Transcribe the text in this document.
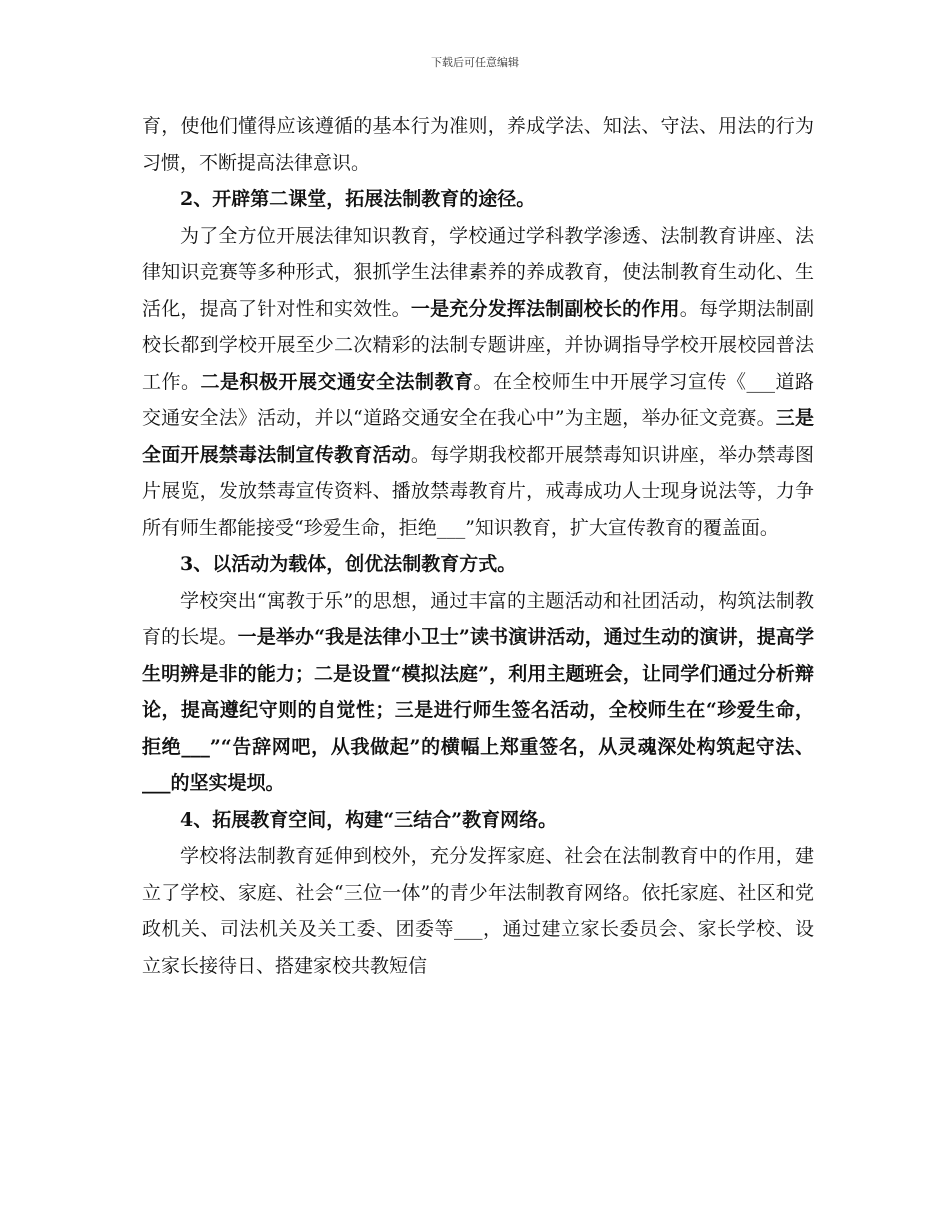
下载后可任意编辑

育，使他们懂得应该遵循的基本行为准则，养成学法、知法、守法、用法的行为习惯，不断提高法律意识。

2、开辟第二课堂，拓展法制教育的途径。

为了全方位开展法律知识教育，学校通过学科教学渗透、法制教育讲座、法律知识竞赛等多种形式，狠抓学生法律素养的养成教育，使法制教育生动化、生活化，提高了针对性和实效性。一是充分发挥法制副校长的作用。每学期法制副校长都到学校开展至少二次精彩的法制专题讲座，并协调指导学校开展校园普法工作。二是积极开展交通安全法制教育。在全校师生中开展学习宣传《___道路交通安全法》活动，并以“道路交通安全在我心中”为主题，举办征文竞赛。三是全面开展禁毒法制宣传教育活动。每学期我校都开展禁毒知识讲座，举办禁毒图片展览，发放禁毒宣传资料、播放禁毒教育片，戒毒成功人士现身说法等，力争所有师生都能接受“珍爱生命，拒绝___”知识教育，扩大宣传教育的覆盖面。

3、以活动为载体，创优法制教育方式。

学校突出“寓教于乐”的思想，通过丰富的主题活动和社团活动，构筑法制教育的长堤。一是举办“我是法律小卫士”读书演讲活动，通过生动的演讲，提高学生明辨是非的能力；二是设置“模拟法庭”，利用主题班会，让同学们通过分析辩论，提高遵纪守则的自觉性；三是进行师生签名活动，全校师生在“珍爱生命，拒绝___”“告辞网吧，从我做起”的横幅上郑重签名，从灵魂深处构筑起守法、___的坚实堤坝。

4、拓展教育空间，构建“三结合”教育网络。

学校将法制教育延伸到校外，充分发挥家庭、社会在法制教育中的作用，建立了学校、家庭、社会“三位一体”的青少年法制教育网络。依托家庭、社区和党政机关、司法机关及关工委、团委等___，通过建立家长委员会、家长学校、设立家长接待日、搭建家校共教短信
